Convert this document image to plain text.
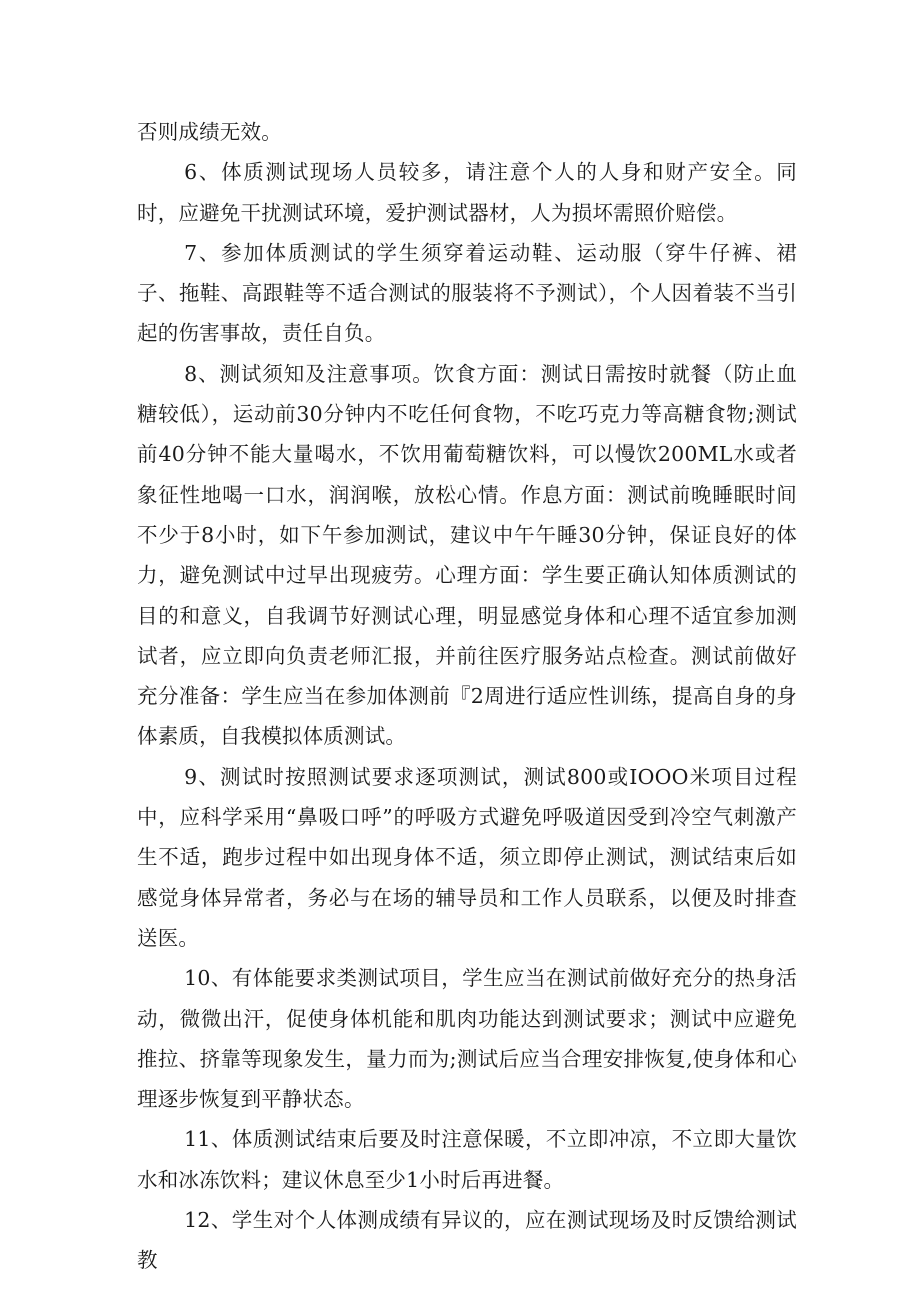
否则成绩无效。

6、体质测试现场人员较多，请注意个人的人身和财产安全。同时，应避免干扰测试环境，爱护测试器材，人为损坏需照价赔偿。

7、参加体质测试的学生须穿着运动鞋、运动服（穿牛仔裤、裙子、拖鞋、高跟鞋等不适合测试的服装将不予测试），个人因着装不当引起的伤害事故，责任自负。

8、测试须知及注意事项。饮食方面：测试日需按时就餐（防止血糖较低），运动前30分钟内不吃任何食物，不吃巧克力等高糖食物;测试前40分钟不能大量喝水，不饮用葡萄糖饮料，可以慢饮200ML水或者象征性地喝一口水，润润喉，放松心情。作息方面：测试前晚睡眠时间不少于8小时，如下午参加测试，建议中午午睡30分钟，保证良好的体力，避免测试中过早出现疲劳。心理方面：学生要正确认知体质测试的目的和意义，自我调节好测试心理，明显感觉身体和心理不适宜参加测试者，应立即向负责老师汇报，并前往医疗服务站点检查。测试前做好充分准备：学生应当在参加体测前『2周进行适应性训练，提高自身的身体素质，自我模拟体质测试。

9、测试时按照测试要求逐项测试，测试800或IOOO米项目过程中，应科学采用“鼻吸口呼”的呼吸方式避免呼吸道因受到冷空气刺激产生不适，跑步过程中如出现身体不适，须立即停止测试，测试结束后如感觉身体异常者，务必与在场的辅导员和工作人员联系，以便及时排查送医。

10、有体能要求类测试项目，学生应当在测试前做好充分的热身活动，微微出汗，促使身体机能和肌肉功能达到测试要求；测试中应避免推拉、挤靠等现象发生，量力而为;测试后应当合理安排恢复,使身体和心理逐步恢复到平静状态。

11、体质测试结束后要及时注意保暖，不立即冲凉，不立即大量饮水和冰冻饮料；建议休息至少1小时后再进餐。

12、学生对个人体测成绩有异议的，应在测试现场及时反馈给测试教
